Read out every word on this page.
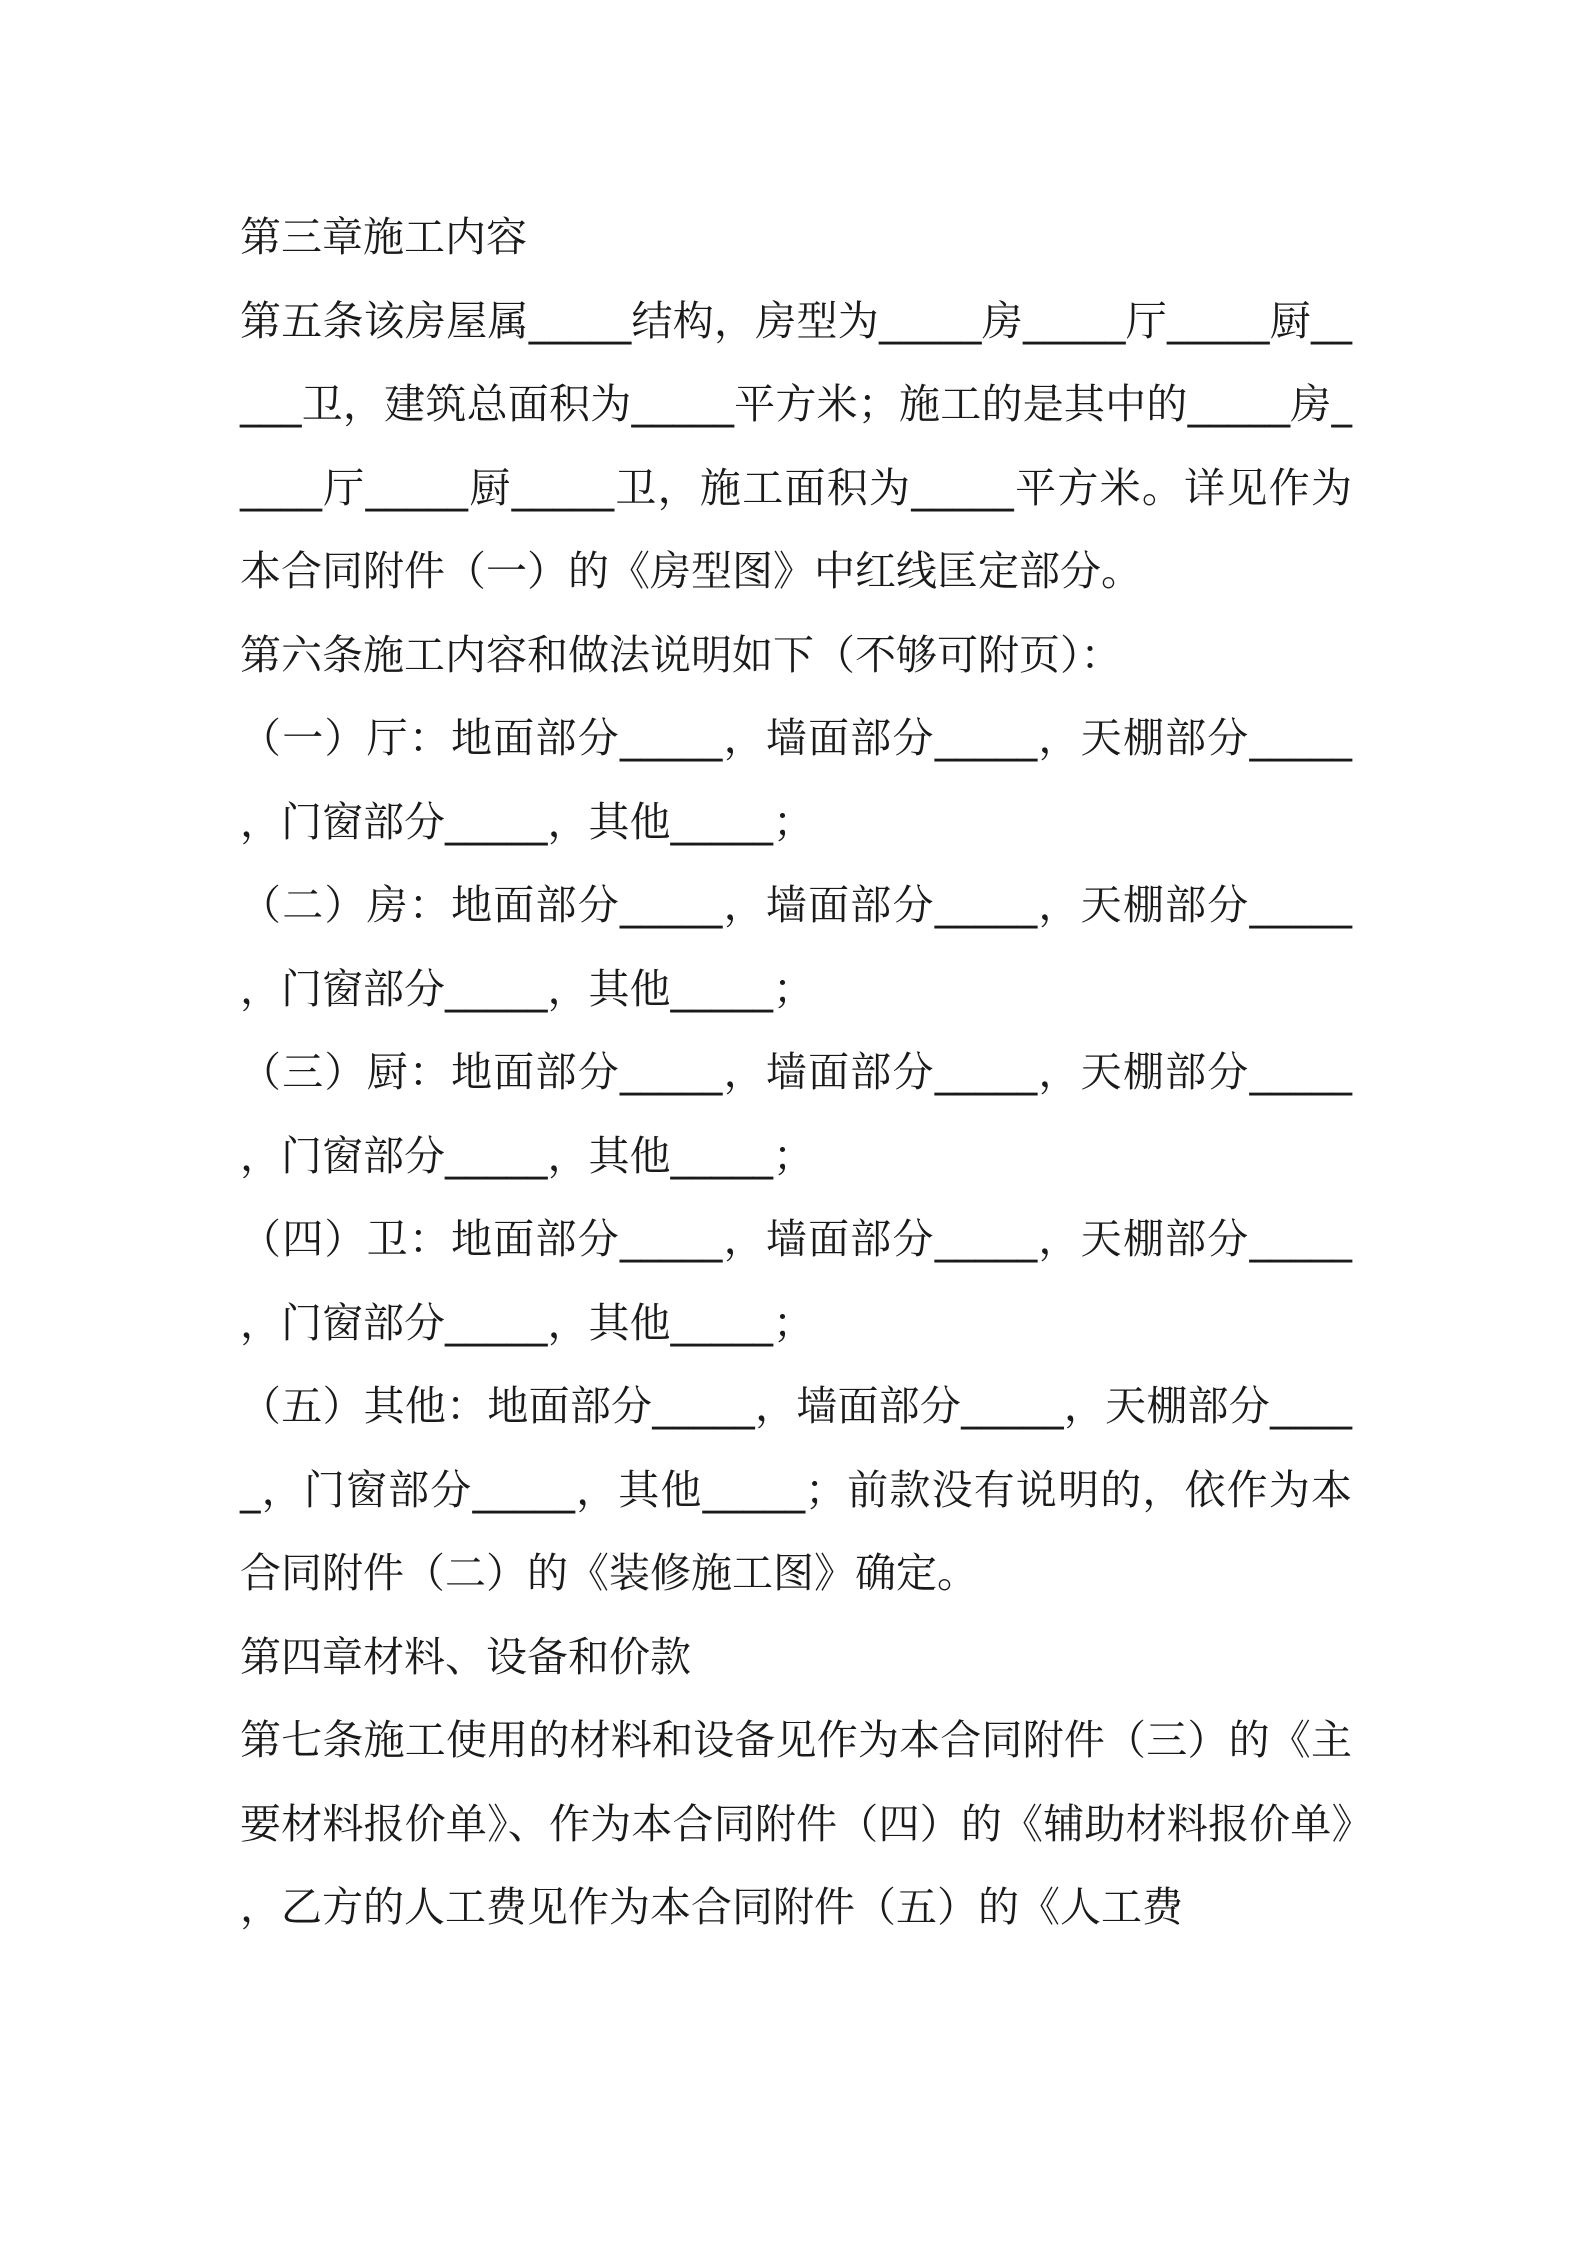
第三章施工内容

第五条该房屋属_____结构，房型为_____房_____厅_____厨_____卫，建筑总面积为_____平方米；施工的是其中的_____房_____厅_____厨_____卫，施工面积为_____平方米。详见作为本合同附件（一）的《房型图》中红线匡定部分。

第六条施工内容和做法说明如下（不够可附页）：

（一）厅：地面部分_____，墙面部分_____，天棚部分_____，门窗部分_____，其他_____；

（二）房：地面部分_____，墙面部分_____，天棚部分_____，门窗部分_____，其他_____；

（三）厨：地面部分_____，墙面部分_____，天棚部分_____，门窗部分_____，其他_____；

（四）卫：地面部分_____，墙面部分_____，天棚部分_____，门窗部分_____，其他_____；

（五）其他：地面部分_____，墙面部分_____，天棚部分_____，门窗部分_____，其他_____；前款没有说明的，依作为本合同附件（二）的《装修施工图》确定。

第四章材料、设备和价款

第七条施工使用的材料和设备见作为本合同附件（三）的《主要材料报价单》、作为本合同附件（四）的《辅助材料报价单》，乙方的人工费见作为本合同附件（五）的《人工费
